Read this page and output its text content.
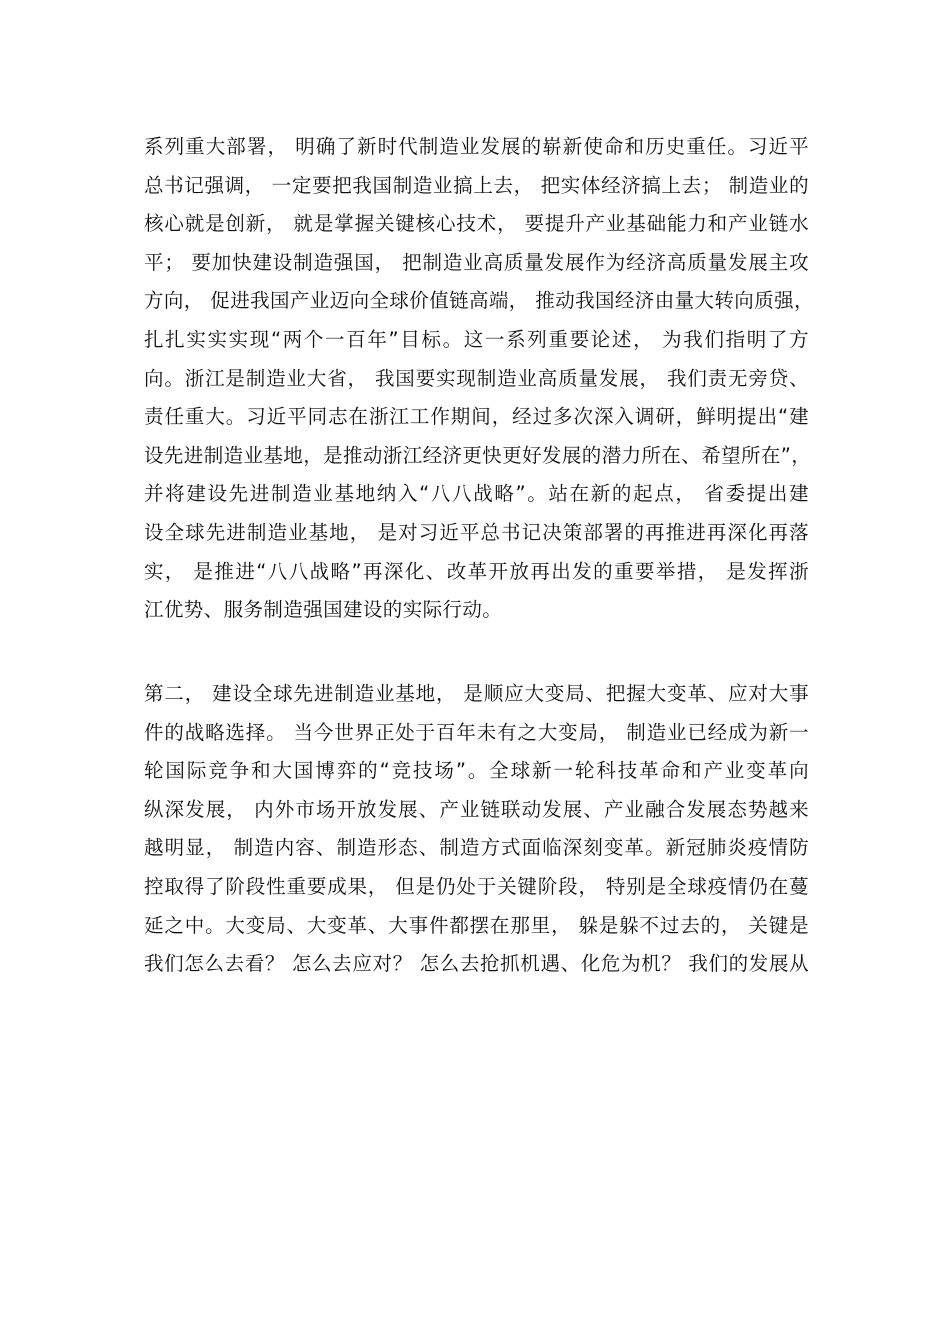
系列重大部署， 明确了新时代制造业发展的崭新使命和历史重任。习近平
总书记强调， 一定要把我国制造业搞上去， 把实体经济搞上去； 制造业的
核心就是创新， 就是掌握关键核心技术， 要提升产业基础能力和产业链水
平； 要加快建设制造强国， 把制造业高质量发展作为经济高质量发展主攻
方向， 促进我国产业迈向全球价值链高端， 推动我国经济由量大转向质强，
扎扎实实实现“两个一百年”目标。这一系列重要论述， 为我们指明了方
向。浙江是制造业大省， 我国要实现制造业高质量发展， 我们责无旁贷、
责任重大。习近平同志在浙江工作期间，经过多次深入调研，鲜明提出“建
设先进制造业基地，是推动浙江经济更快更好发展的潜力所在、希望所在”，
并将建设先进制造业基地纳入“八八战略”。站在新的起点， 省委提出建
设全球先进制造业基地， 是对习近平总书记决策部署的再推进再深化再落
实， 是推进“八八战略”再深化、改革开放再出发的重要举措， 是发挥浙
江优势、服务制造强国建设的实际行动。
第二， 建设全球先进制造业基地， 是顺应大变局、把握大变革、应对大事
件的战略选择。 当今世界正处于百年未有之大变局， 制造业已经成为新一
轮国际竞争和大国博弈的“竞技场”。全球新一轮科技革命和产业变革向
纵深发展， 内外市场开放发展、产业链联动发展、产业融合发展态势越来
越明显， 制造内容、制造形态、制造方式面临深刻变革。新冠肺炎疫情防
控取得了阶段性重要成果， 但是仍处于关键阶段， 特别是全球疫情仍在蔓
延之中。大变局、大变革、大事件都摆在那里， 躲是躲不过去的， 关键是
我们怎么去看？ 怎么去应对？ 怎么去抢抓机遇、化危为机？ 我们的发展从
